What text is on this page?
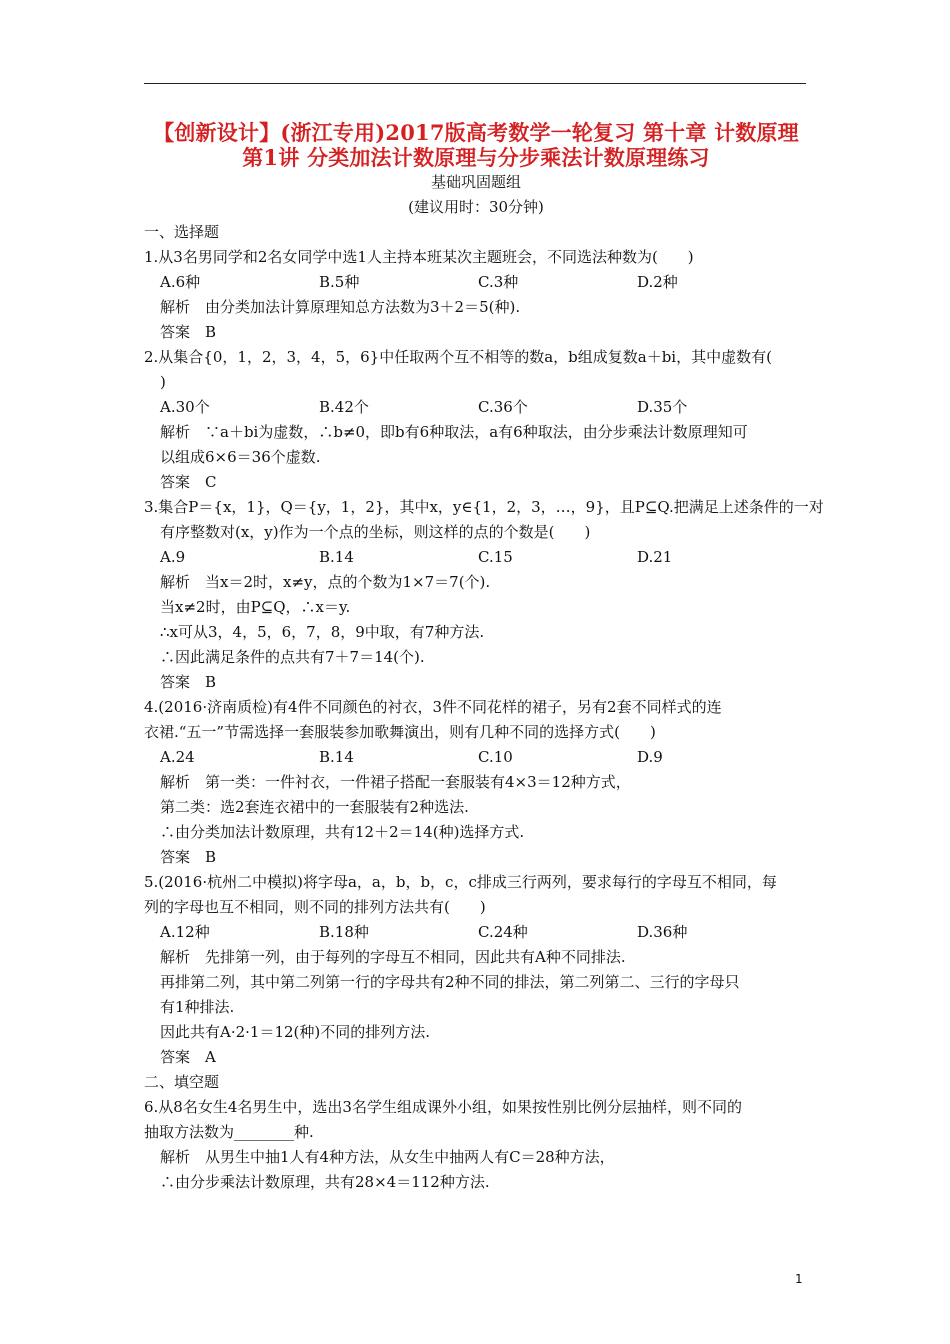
【创新设计】(浙江专用)2017版高考数学一轮复习 第十章 计数原理
第1讲 分类加法计数原理与分步乘法计数原理练习
基础巩固题组
(建议用时：30分钟)
一、选择题
1.从3名男同学和2名女同学中选1人主持本班某次主题班会，不同选法种数为(　　)
A.6种	B.5种	C.3种	D.2种
解析　由分类加法计算原理知总方法数为3＋2＝5(种).
答案　B
2.从集合{0，1，2，3，4，5，6}中任取两个互不相等的数a，b组成复数a＋bi，其中虚数有(
)
A.30个	B.42个	C.36个	D.35个
解析　∵a＋bi为虚数，∴b≠0，即b有6种取法，a有6种取法，由分步乘法计数原理知可
以组成6×6＝36个虚数.
答案　C
3.集合P＝{x，1}，Q＝{y，1，2}，其中x，y∈{1，2，3，…，9}，且P⊆Q.把满足上述条件的一对
有序整数对(x，y)作为一个点的坐标，则这样的点的个数是(　　)
A.9	B.14	C.15	D.21
解析　当x＝2时，x≠y，点的个数为1×7＝7(个).
当x≠2时，由P⊆Q，∴x＝y.
∴x可从3，4，5，6，7，8，9中取，有7种方法.
∴因此满足条件的点共有7＋7＝14(个).
答案　B
4.(2016·济南质检)有4件不同颜色的衬衣，3件不同花样的裙子，另有2套不同样式的连
衣裙.“五一”节需选择一套服装参加歌舞演出，则有几种不同的选择方式(　　)
A.24	B.14	C.10	D.9
解析　第一类：一件衬衣，一件裙子搭配一套服装有4×3＝12种方式，
第二类：选2套连衣裙中的一套服装有2种选法.
∴由分类加法计数原理，共有12＋2＝14(种)选择方式.
答案　B
5.(2016·杭州二中模拟)将字母a，a，b，b，c，c排成三行两列，要求每行的字母互不相同，每
列的字母也互不相同，则不同的排列方法共有(　　)
A.12种	B.18种	C.24种	D.36种
解析　先排第一列，由于每列的字母互不相同，因此共有A种不同排法.
再排第二列，其中第二列第一行的字母共有2种不同的排法，第二列第二、三行的字母只
有1种排法.
因此共有A·2·1＝12(种)不同的排列方法.
答案　A
二、填空题
6.从8名女生4名男生中，选出3名学生组成课外小组，如果按性别比例分层抽样，则不同的
抽取方法数为________种.
解析　从男生中抽1人有4种方法，从女生中抽两人有C＝28种方法，
∴由分步乘法计数原理，共有28×4＝112种方法.
1
